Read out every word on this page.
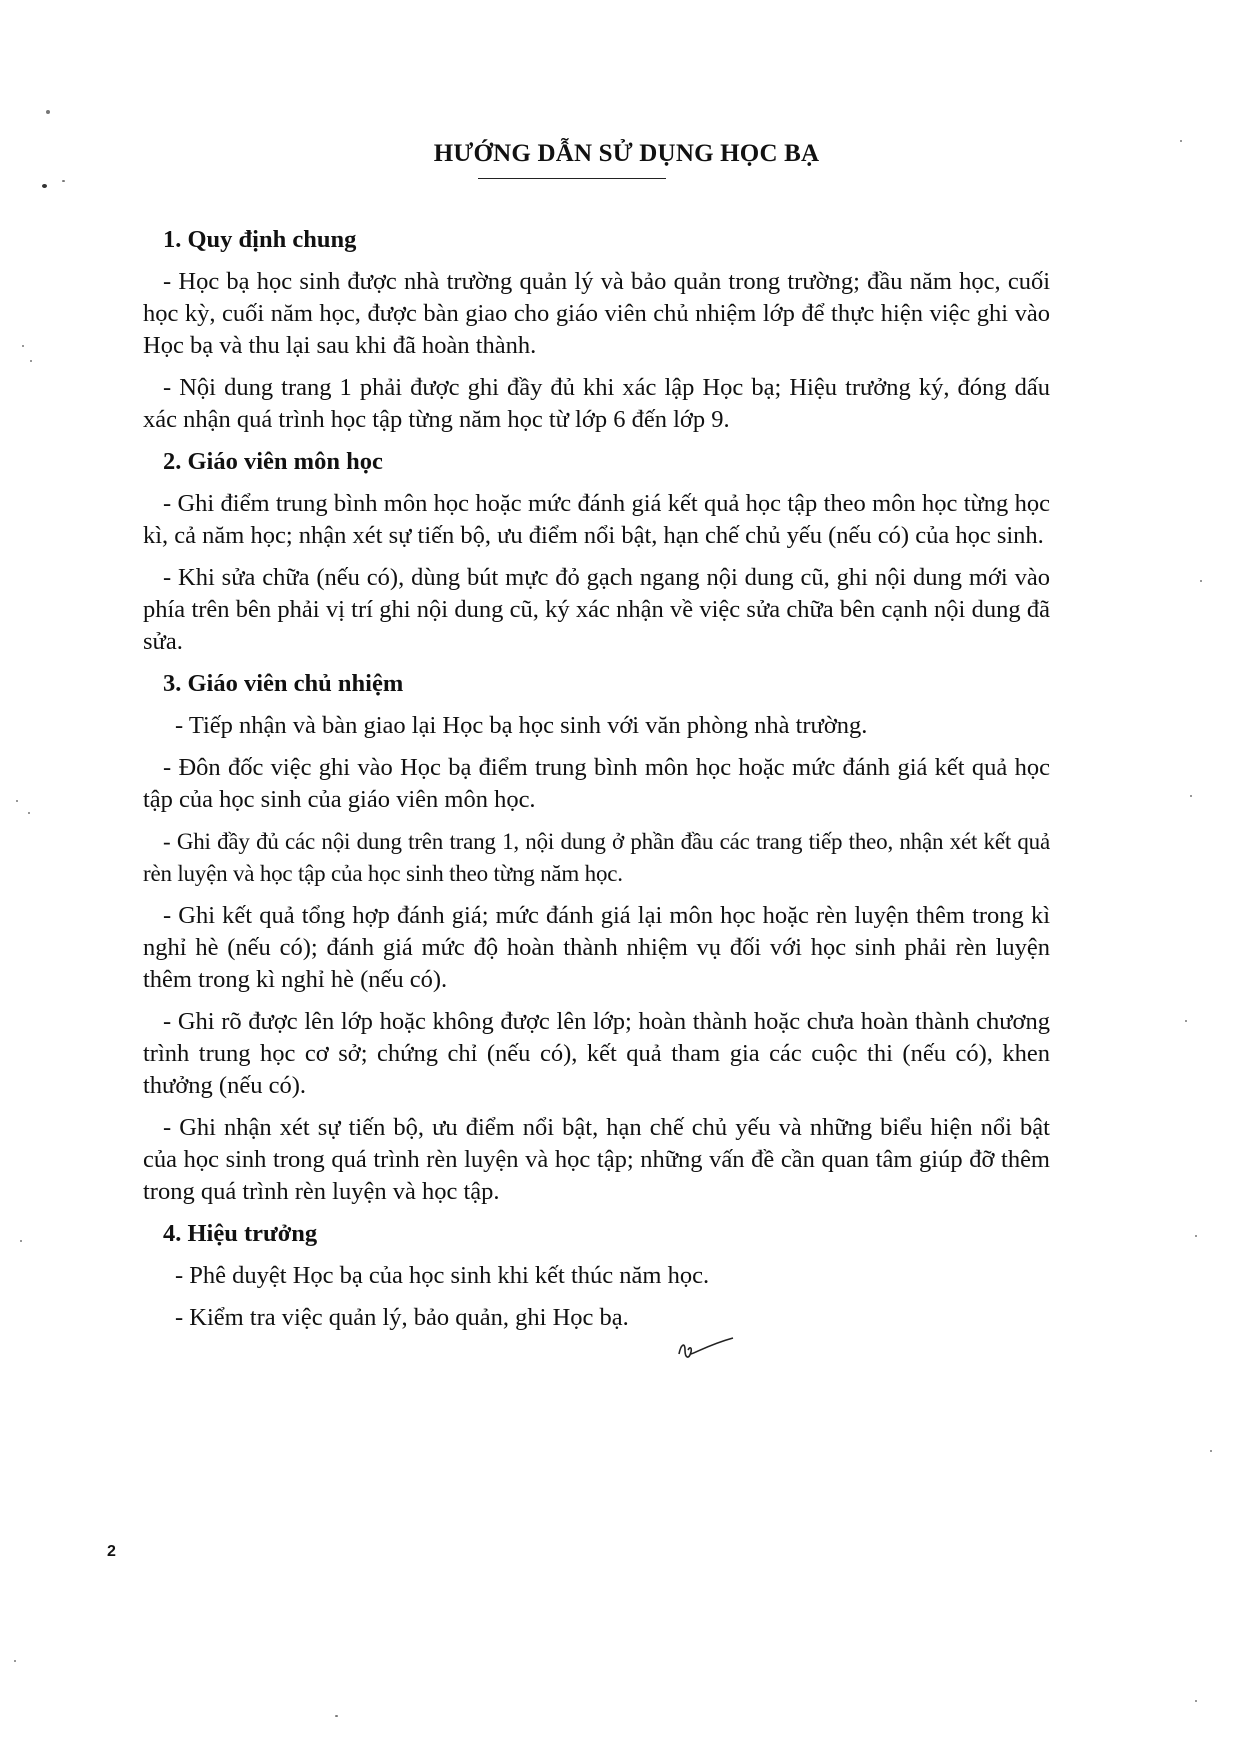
HƯỚNG DẪN SỬ DỤNG HỌC BẠ
1. Quy định chung
- Học bạ học sinh được nhà trường quản lý và bảo quản trong trường; đầu năm học, cuối học kỳ, cuối năm học, được bàn giao cho giáo viên chủ nhiệm lớp để thực hiện việc ghi vào Học bạ và thu lại sau khi đã hoàn thành.
- Nội dung trang 1 phải được ghi đầy đủ khi xác lập Học bạ; Hiệu trưởng ký, đóng dấu xác nhận quá trình học tập từng năm học từ lớp 6 đến lớp 9.
2. Giáo viên môn học
- Ghi điểm trung bình môn học hoặc mức đánh giá kết quả học tập theo môn học từng học kì, cả năm học; nhận xét sự tiến bộ, ưu điểm nổi bật, hạn chế chủ yếu (nếu có) của học sinh.
- Khi sửa chữa (nếu có), dùng bút mực đỏ gạch ngang nội dung cũ, ghi nội dung mới vào phía trên bên phải vị trí ghi nội dung cũ, ký xác nhận về việc sửa chữa bên cạnh nội dung đã sửa.
3. Giáo viên chủ nhiệm
- Tiếp nhận và bàn giao lại Học bạ học sinh với văn phòng nhà trường.
- Đôn đốc việc ghi vào Học bạ điểm trung bình môn học hoặc mức đánh giá kết quả học tập của học sinh của giáo viên môn học.
- Ghi đầy đủ các nội dung trên trang 1, nội dung ở phần đầu các trang tiếp theo, nhận xét kết quả rèn luyện và học tập của học sinh theo từng năm học.
- Ghi kết quả tổng hợp đánh giá; mức đánh giá lại môn học hoặc rèn luyện thêm trong kì nghỉ hè (nếu có); đánh giá mức độ hoàn thành nhiệm vụ đối với học sinh phải rèn luyện thêm trong kì nghỉ hè (nếu có).
- Ghi rõ được lên lớp hoặc không được lên lớp; hoàn thành hoặc chưa hoàn thành chương trình trung học cơ sở; chứng chỉ (nếu có), kết quả tham gia các cuộc thi (nếu có), khen thưởng (nếu có).
- Ghi nhận xét sự tiến bộ, ưu điểm nổi bật, hạn chế chủ yếu và những biểu hiện nổi bật của học sinh trong quá trình rèn luyện và học tập; những vấn đề cần quan tâm giúp đỡ thêm trong quá trình rèn luyện và học tập.
4. Hiệu trưởng
- Phê duyệt Học bạ của học sinh khi kết thúc năm học.
- Kiểm tra việc quản lý, bảo quản, ghi Học bạ.
2
